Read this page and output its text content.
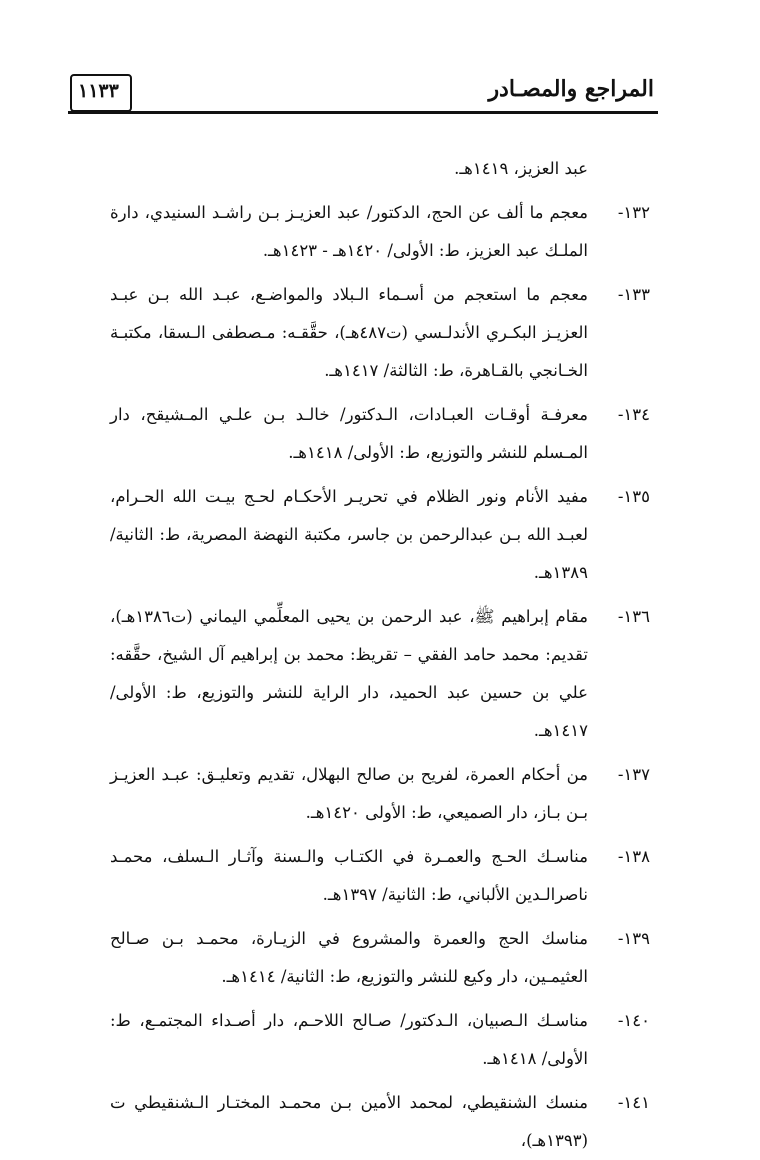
المراجع والمصـادر
١١٣٣
عبد العزيز، ١٤١٩هـ.
١٣٢-
معجم ما ألف عن الحج، الدكتور/ عبد العزيـز بـن راشـد السنيدي، دارة الملـك عبد العزيز، ط: الأولى/ ١٤٢٠هـ - ١٤٢٣هـ.
١٣٣-
معجم ما استعجم من أسـماء الـبلاد والمواضـع، عبـد الله بـن عبـد العزيـز البكـري الأندلـسي (ت٤٨٧هـ)، حقَّقـه: مـصطفى الـسقا، مكتبـة الخـانجي بالقـاهرة، ط: الثالثة/ ١٤١٧هـ.
١٣٤-
معرفـة أوقـات العبـادات، الـدكتور/ خالـد بـن علـي المـشيقح، دار المـسلم للنشر والتوزيع، ط: الأولى/ ١٤١٨هـ.
١٣٥-
مفيد الأنام ونور الظلام في تحريـر الأحكـام لحـج بيـت الله الحـرام، لعبـد الله بـن عبدالرحمن بن جاسر، مكتبة النهضة المصرية، ط: الثانية/ ١٣٨٩هـ.
١٣٦-
مقام إبراهيم ﷺ، عبد الرحمن بن يحيى المعلِّمي اليماني (ت١٣٨٦هـ)، تقديم: محمد حامد الفقي – تقريظ: محمد بن إبراهيم آل الشيخ، حقَّقه: علي بن حسين عبد الحميد، دار الراية للنشر والتوزيع، ط: الأولى/ ١٤١٧هـ.
١٣٧-
من أحكام العمرة، لفريح بن صالح البهلال، تقديم وتعليـق: عبـد العزيـز بـن بـاز، دار الصميعي، ط: الأولى ١٤٢٠هـ.
١٣٨-
مناسـك الحـج والعمـرة في الكتـاب والـسنة وآثـار الـسلف، محمـد ناصرالـدين الألباني، ط: الثانية/ ١٣٩٧هـ.
١٣٩-
مناسك الحج والعمرة والمشروع في الزيـارة، محمـد بـن صـالح العثيمـين، دار وكيع للنشر والتوزيع، ط: الثانية/ ١٤١٤هـ.
١٤٠-
مناسـك الـصبيان، الـدكتور/ صـالح اللاحـم، دار أصـداء المجتمـع، ط: الأولى/ ١٤١٨هـ.
١٤١-
منسك الشنقيطي، لمحمد الأمين بـن محمـد المختـار الـشنقيطي ت (١٣٩٣هـ)،
